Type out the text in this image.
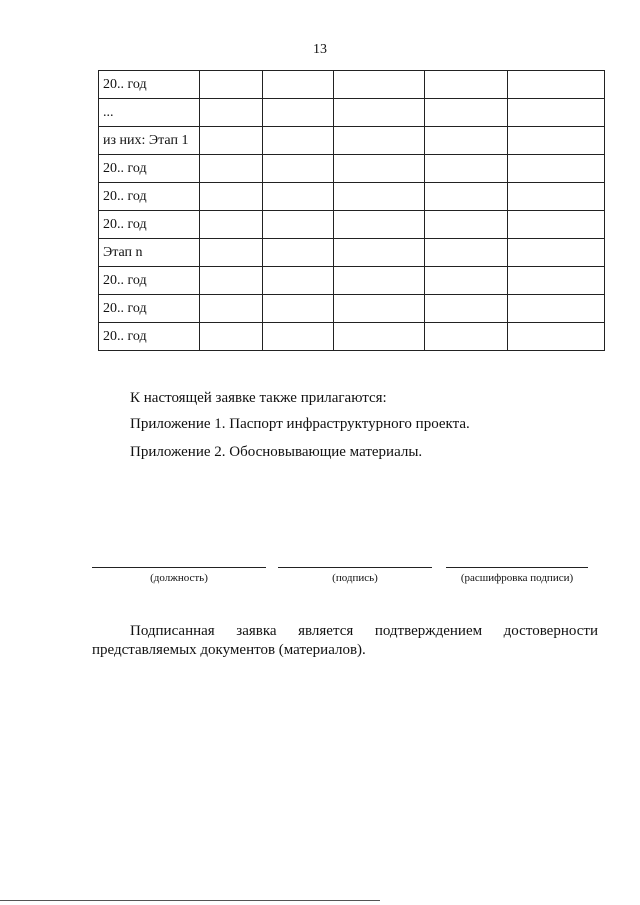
13
20.. год					
...					
из них: Этап 1					
20.. год					
20.. год					
20.. год					
Этап n					
20.. год					
20.. год					
20.. год					
К настоящей заявке также прилагаются:
Приложение 1. Паспорт инфраструктурного проекта.
Приложение 2. Обосновывающие материалы.
(должность)	(подпись)	(расшифровка подписи)
Подписанная заявка является подтверждением достоверности
представляемых документов (материалов).
